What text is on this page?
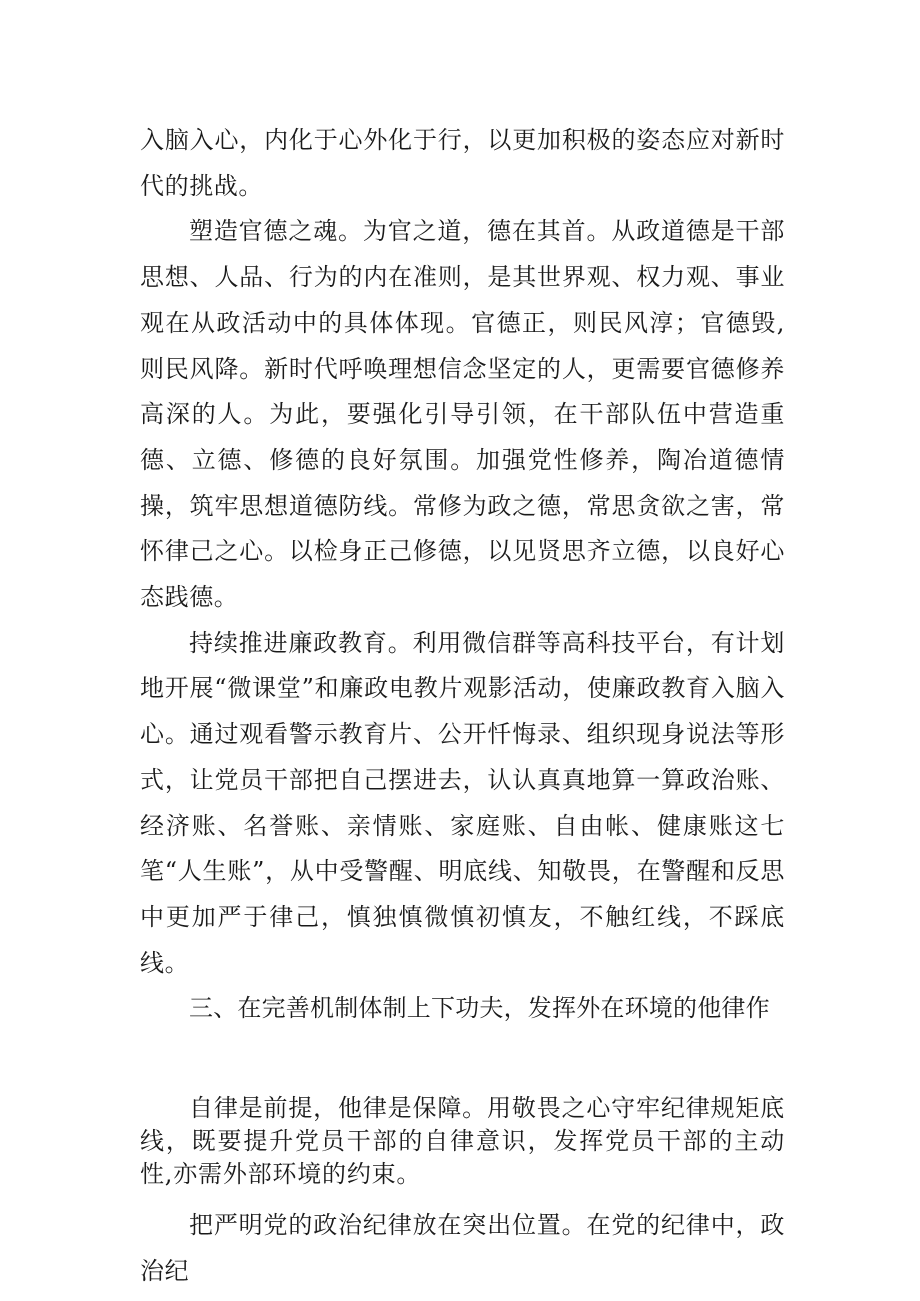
入脑入心，内化于心外化于行，以更加积极的姿态应对新时代的挑战。

塑造官德之魂。为官之道，德在其首。从政道德是干部思想、人品、行为的内在准则，是其世界观、权力观、事业观在从政活动中的具体体现。官德正，则民风淳；官德毁,则民风降。新时代呼唤理想信念坚定的人，更需要官德修养高深的人。为此，要强化引导引领，在干部队伍中营造重德、立德、修德的良好氛围。加强党性修养，陶冶道德情操，筑牢思想道德防线。常修为政之德，常思贪欲之害，常怀律己之心。以检身正己修德，以见贤思齐立德，以良好心态践德。

持续推进廉政教育。利用微信群等高科技平台，有计划地开展“微课堂”和廉政电教片观影活动，使廉政教育入脑入心。通过观看警示教育片、公开忏悔录、组织现身说法等形式，让党员干部把自己摆进去，认认真真地算一算政治账、经济账、名誉账、亲情账、家庭账、自由帐、健康账这七笔“人生账”，从中受警醒、明底线、知敬畏，在警醒和反思中更加严于律己，慎独慎微慎初慎友，不触红线，不踩底线。

三、在完善机制体制上下功夫，发挥外在环境的他律作

自律是前提，他律是保障。用敬畏之心守牢纪律规矩底线，既要提升党员干部的自律意识，发挥党员干部的主动性,亦需外部环境的约束。

把严明党的政治纪律放在突出位置。在党的纪律中，政治纪
